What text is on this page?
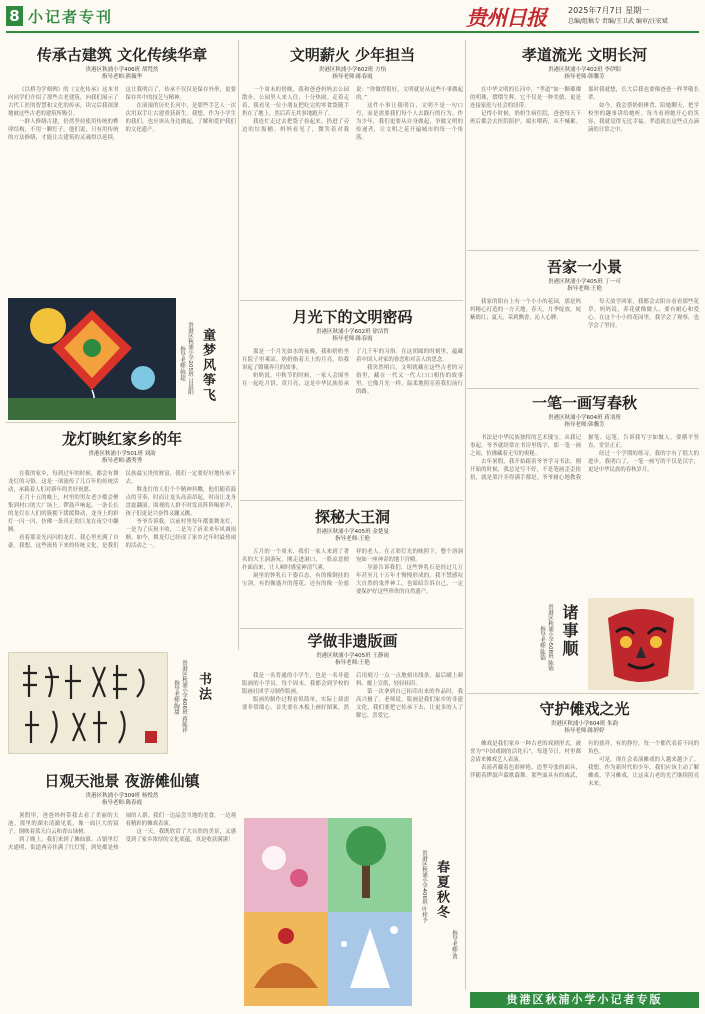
8 小记者专刊	贵州日报	2025年7月7日 星期一
总编/组稿专 责编/王卫武 编审/汪宏斌
传承古建筑 文化传续华章
贵港区秋浦小学406班 胡梵然
指导老师:熊薇华

《以桥为学刻碑》的《文化传承》这本书向同学们介绍了那些古老建筑，向我们展示了古代工匠的智慧和文化的传承，读完后我深深地被这些古老的建筑所吸引。

一群人修缮古建，仍然坚持使用传统的榫卯结构，不用一颗钉子。他们说，只有用传统的方法修缮，才能让古建筑的灵魂得以延续。这让我明白了，传承不仅仅是保存外形，更要保存其中的技艺与精神。

在滚滚的历史长河中，是那些手艺人一次次用双手让古建重获新生。我想，作为小学生的我们，也应该从身边做起，了解和爱护我们的文化遗产。

童梦风筝飞
贵港区秋浦小学205班 吕晨阳
指导老师:韩超
龙灯映红家乡的年
贵港区秋浦小学501班 刘韵
指导老师:潘秀秀

在我的家乡，每到过年的时候，都会有舞龙灯的习俗。这是一项流传了几百年的传统活动，承载着人们对新年的美好祝愿。

正月十五的晚上，村里的男女老少都会聚集到村口的大广场上。锣鼓声响起，一条长长的龙灯在人们的簇拥下缓缓舞动，龙身上的彩灯一闪一闪，仿佛一条真正的巨龙在夜空中翻腾。

看着那金光闪闪的龙灯，我心里充满了自豪。我想，这些流传下来的传统文化，是我们民族最宝贵的财富，我们一定要好好地传承下去。

舞龙灯的人们个个精神抖擞，他们随着鼓点的节奏，时而让龙头高高昂起，时而让龙身盘旋翻滚。围观的人群不时发出阵阵喝彩声，孩子们更是兴奋得又蹦又跳。

爷爷告诉我，以前村里每年都要舞龙灯，一是为了庆祝丰收，二是为了祈求来年风调雨顺。如今，舞龙灯已经成了家乡过年时最热闹的活动之一。

书法
贵港区秋浦小学606班 蒋陈祥
指导老师:陶甜
日观天池景 夜游傩仙镇
贵港区秋浦小学309班 杨悦然
指导老师:陈春霞

暑假里，爸爸妈妈带我去看了美丽的天池。那里的湖水清澈见底，像一面巨大的镜子，倒映着蓝天白云和青山绿树。

到了晚上，我们来到了傩仙镇。古镇里灯火通明，街道两旁挂满了红灯笼，到处都是热闹的人群。我们一边品尝当地的美食，一边观看精彩的傩戏表演。

这一天，我既欣赏了大自然的美景，又感受到了家乡浓厚的文化底蕴，真是收获满满！

文明薪火 少年担当
贵港区秋浦小学602班 方怡
指导老师:陈春霞

一个周末的傍晚，我和爸爸妈妈去公园散步。公园里人来人往，十分热闹。走着走着，我看见一位小朋友把吃完的零食袋随手扔在了地上，然后若无其事地跑开了。

我连忙走过去把袋子捡起来，扔进了旁边的垃圾桶。妈妈看见了，微笑着对我说：“你做得很好，文明就是从这些小事做起的。”

这件小事让我明白，文明不是一句口号，而是需要我们每个人去践行的行为。作为少年，我们更要从自身做起，争做文明的传递者，让文明之花开遍城市的每一个角落。

月光下的文明密码
贵港区秋浦小学602班 徐洁哲
指导老师:陈春霞

那是一个月光如水的夜晚，我和奶奶坐在院子里乘凉。奶奶指着天上的月亮，给我讲起了嫦娥奔月的故事。

奶奶说，中秋节的时候，一家人会围坐在一起吃月饼、赏月亮，这是中华民族传承了几千年的习俗。在这团圆的时刻里，蕴藏着中国人对家的眷恋和对亲人的思念。

我突然明白，文明就藏在这些古老的习俗里，藏在一代又一代人口口相传的故事里。它像月光一样，温柔地照亮着我们前行的路。

探秘大王洞
贵港区秋浦小学405班 金楚曼
指导老师:王艳

五月的一个周末，我们一家人来到了著名的大王洞游玩。刚走进洞口，一股凉意便扑面而来，让人顿时感觉神清气爽。

洞里的钟乳石千姿百态，有的像倒挂的宝剑，有的像盛开的莲花，还有的像一位慈祥的老人。在五彩灯光的映照下，整个溶洞宛如一座神奇的地下宫殿。

导游告诉我们，这些钟乳石是经过几万年甚至几十万年才慢慢形成的。我不禁感叹大自然的鬼斧神工，也暗暗告诉自己，一定要保护好这些珍贵的自然遗产。

学做非遗版画
贵港区秋浦小学405班 王静雨
指导老师:王艳

我是一名普通的小学生，也是一名非遗版画的小学员。每个周末，我都会到学校的版画社团学习制作版画。

版画的制作过程看似简单，实际上却需要非常细心。首先要在木板上画好图案，然后用刻刀一点一点地刻出线条，最后刷上颜料、覆上宣纸，轻轻拓印。

第一次拿到自己拓印出来的作品时，我高兴极了。老师说，版画是我们家乡的非遗文化，我们要把它传承下去，让更多的人了解它、喜爱它。

春夏秋冬
贵港区秋浦小学406班 叶梓予
指导老师:黄
孝道流光 文明长河
贵港区秋浦小学402班 李伊阳
指导老师:韩馨芳

在中华文明的长河中，“孝道”如一颗璀璨的明珠，熠熠生辉。它不仅是一种美德，更是连接家庭与社会的纽带。

记得小时候，奶奶生病住院，爸爸每天下班后都会去医院陪护，端水喂药，从不喊累。那时我就想，长大后我也要像爸爸一样孝敬长辈。

如今，我会帮奶奶捶背、陪她聊天，把学校里的趣事讲给她听。每当看到她开心的笑容，我就觉得无比幸福。孝道就在这些点点滴滴的日常之中。

吾家一小景
贵港区秋浦小学405班 丁一可
指导老师:王艳

我家的阳台上有一个小小的花园，那是妈妈精心打造的一方天地。春天，月季绽放，姹紫嫣红；夏天，茉莉飘香，沁人心脾。

每天放学回家，我都会去阳台看看那些花草。妈妈说，养花就像做人，要有耐心和爱心。在这个小小的花园里，我学会了观察，也学会了坚持。

一笔一画写春秋
贵港区秋浦小学604班 蒋羽彤
指导老师:韩馨芳

书法是中华民族独特的艺术瑰宝。从我记事起，爷爷就经常在书房里练字，那一笔一画之间，仿佛藏着无穷的奥秘。

去年暑假，我开始跟着爷爷学习书法。刚开始的时候，我总是写不好，不是笔画歪歪扭扭，就是墨汁弄得满手都是。爷爷耐心地教我握笔、运笔，告诉我写字如做人，要横平竖直、堂堂正正。

经过一个学期的练习，我的字有了很大的进步。我明白了，一笔一画写的不仅是汉字，更是中华民族的春秋岁月。

诸事顺
贵港区秋浦小学508班 陈锦
指导老师:陈锦
守护傩戏之光
贵港区秋浦小学604班 朱韵
指导老师:陈婷婷

傩戏是我们家乡一种古老的戏剧形式，被誉为“中国戏剧的活化石”。每逢节日，村里都会请来傩戏艺人表演。

表演者戴着色彩鲜艳、造型夸张的面具，伴随着锣鼓声载歌载舞。那些面具有的威武，有的慈祥，有的狰狞，每一个都代表着不同的角色。

可是，现在会表演傩戏的人越来越少了。我想，作为新时代的少年，我们应该主动了解傩戏、学习傩戏，让这束古老的光芒继续照亮未来。

贵港区秋浦小学小记者专版
